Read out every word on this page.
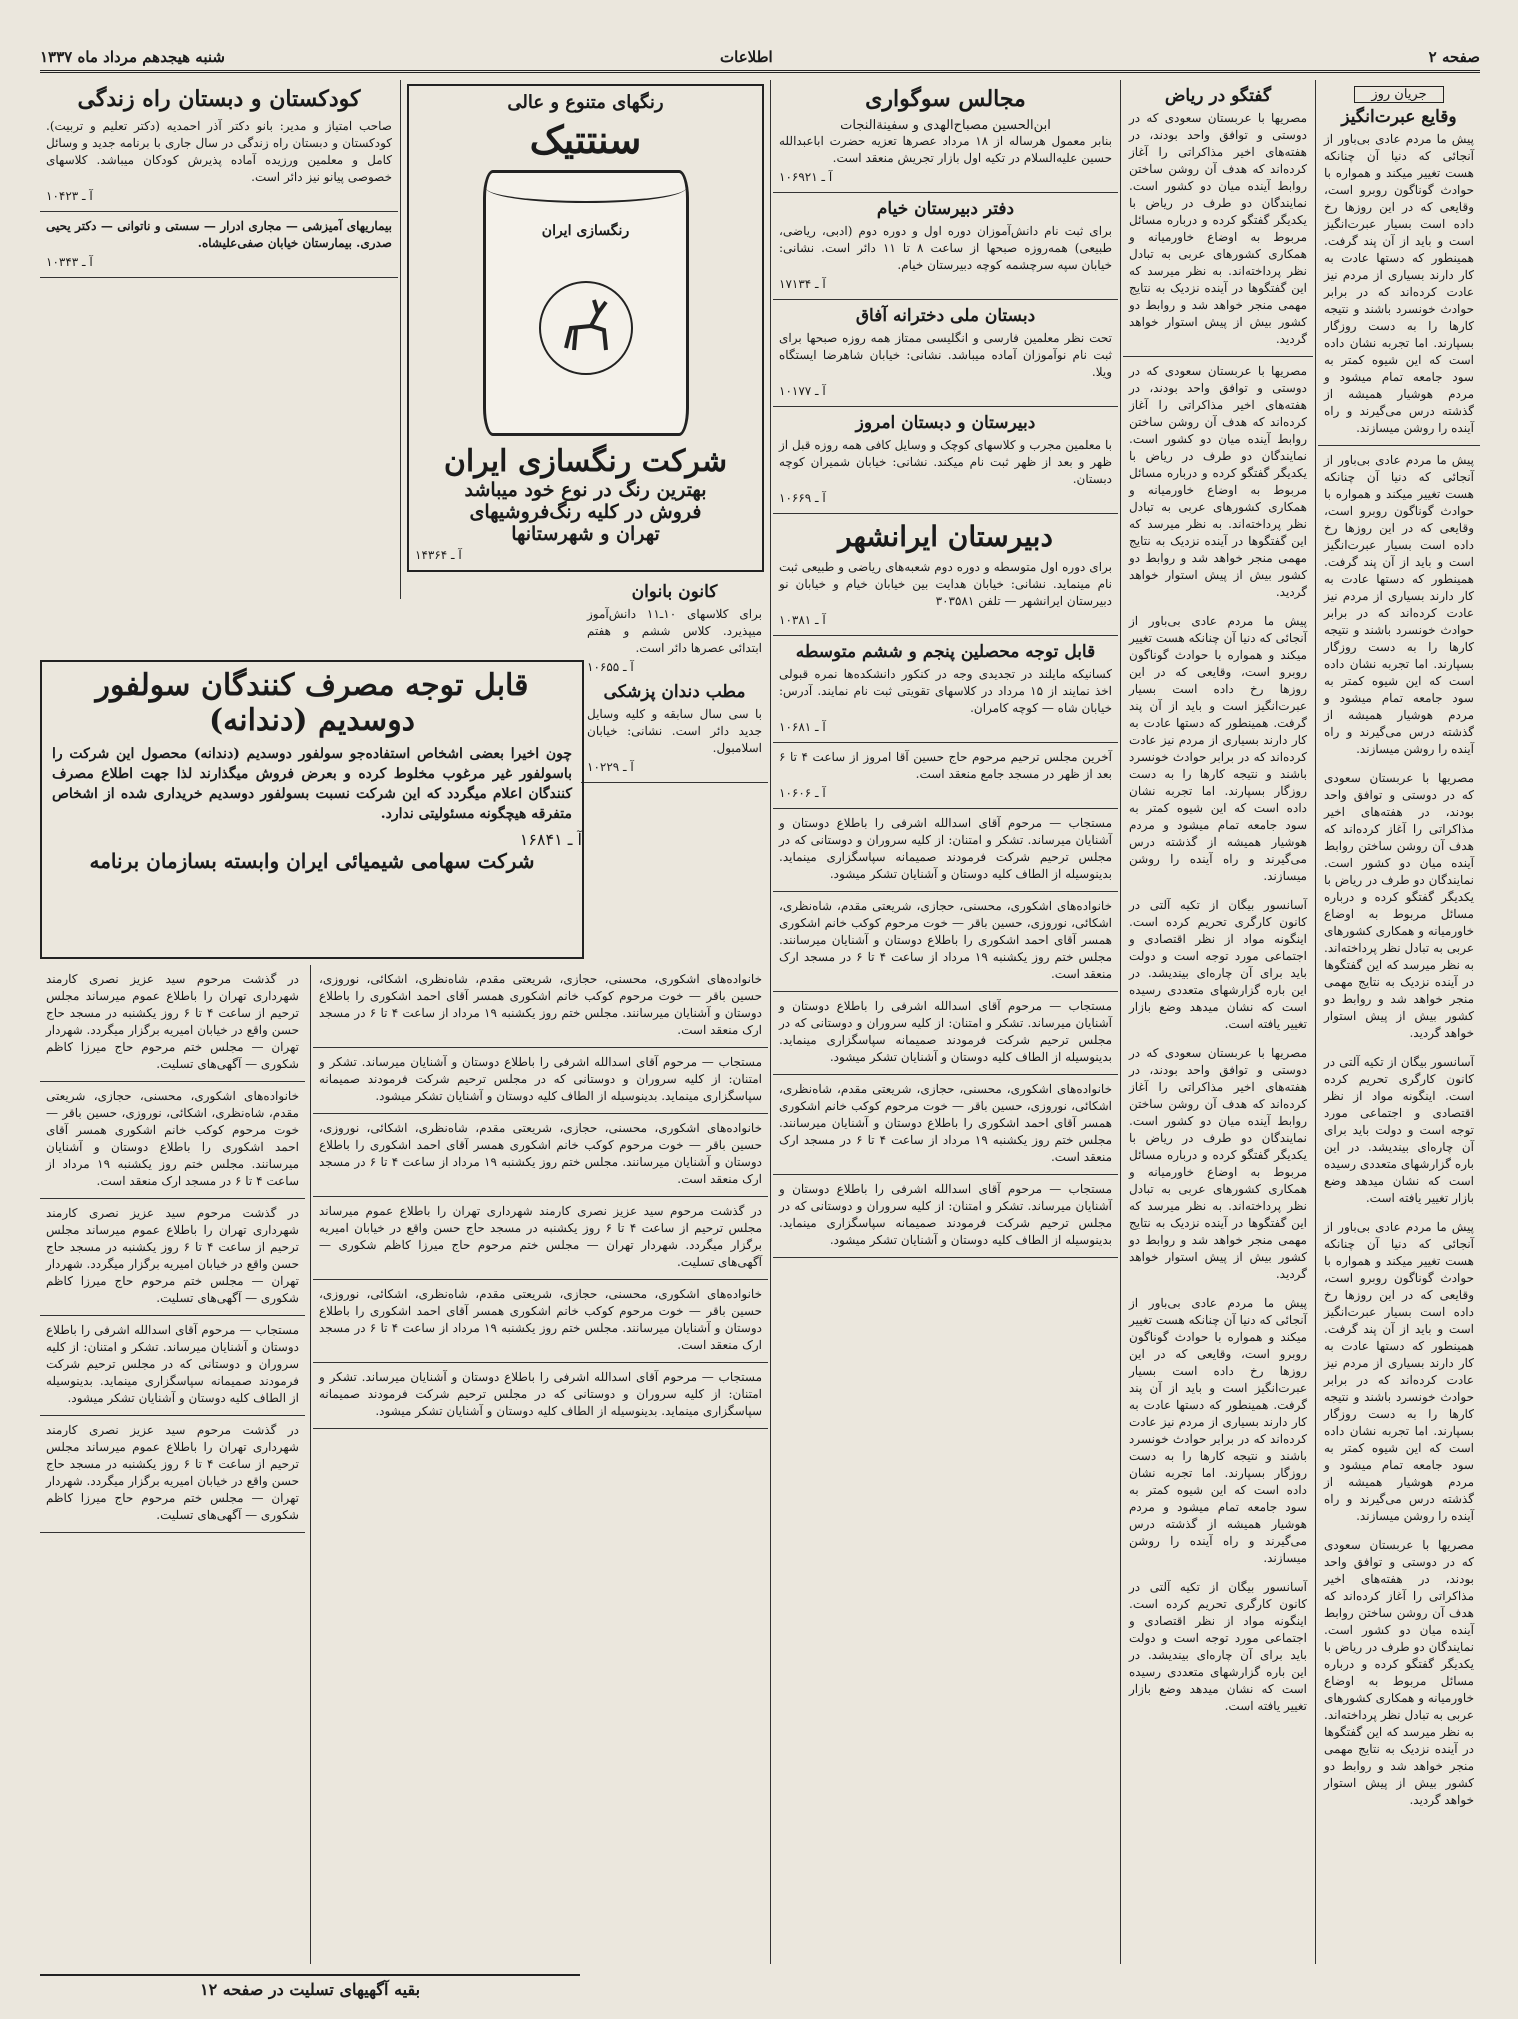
صفحه ۲
اطلاعات
شنبه هیجدهم مرداد ماه ۱۳۳۷
جریان روز
وقایع عبرت‌انگیز

پیش ما مردم عادی بی‌باور از آنجائی که دنیا آن چنانکه هست تغییر میکند و همواره با حوادث گوناگون روبرو است، وقایعی که در این روزها رخ داده است بسیار عبرت‌انگیز است و باید از آن پند گرفت. همینطور که دستها عادت به کار دارند بسیاری از مردم نیز عادت کرده‌اند که در برابر حوادث خونسرد باشند و نتیجه کارها را به دست روزگار بسپارند. اما تجربه نشان داده است که این شیوه کمتر به سود جامعه تمام میشود و مردم هوشیار همیشه از گذشته درس می‌گیرند و راه آینده را روشن میسازند.

پیش ما مردم عادی بی‌باور از آنجائی که دنیا آن چنانکه هست تغییر میکند و همواره با حوادث گوناگون روبرو است، وقایعی که در این روزها رخ داده است بسیار عبرت‌انگیز است و باید از آن پند گرفت. همینطور که دستها عادت به کار دارند بسیاری از مردم نیز عادت کرده‌اند که در برابر حوادث خونسرد باشند و نتیجه کارها را به دست روزگار بسپارند. اما تجربه نشان داده است که این شیوه کمتر به سود جامعه تمام میشود و مردم هوشیار همیشه از گذشته درس می‌گیرند و راه آینده را روشن میسازند.

مصریها با عربستان سعودی که در دوستی و توافق واحد بودند، در هفته‌های اخیر مذاکراتی را آغاز کرده‌اند که هدف آن روشن ساختن روابط آینده میان دو کشور است. نمایندگان دو طرف در ریاض با یکدیگر گفتگو کرده و درباره مسائل مربوط به اوضاع خاورمیانه و همکاری کشورهای عربی به تبادل نظر پرداخته‌اند. به نظر میرسد که این گفتگوها در آینده نزدیک به نتایج مهمی منجر خواهد شد و روابط دو کشور بیش از پیش استوار خواهد گردید.

آسانسور بیگان از تکیه آلتی در کانون کارگری تحریم کرده است. اینگونه مواد از نظر اقتصادی و اجتماعی مورد توجه است و دولت باید برای آن چاره‌ای بیندیشد. در این باره گزارشهای متعددی رسیده است که نشان میدهد وضع بازار تغییر یافته است.

پیش ما مردم عادی بی‌باور از آنجائی که دنیا آن چنانکه هست تغییر میکند و همواره با حوادث گوناگون روبرو است، وقایعی که در این روزها رخ داده است بسیار عبرت‌انگیز است و باید از آن پند گرفت. همینطور که دستها عادت به کار دارند بسیاری از مردم نیز عادت کرده‌اند که در برابر حوادث خونسرد باشند و نتیجه کارها را به دست روزگار بسپارند. اما تجربه نشان داده است که این شیوه کمتر به سود جامعه تمام میشود و مردم هوشیار همیشه از گذشته درس می‌گیرند و راه آینده را روشن میسازند.

مصریها با عربستان سعودی که در دوستی و توافق واحد بودند، در هفته‌های اخیر مذاکراتی را آغاز کرده‌اند که هدف آن روشن ساختن روابط آینده میان دو کشور است. نمایندگان دو طرف در ریاض با یکدیگر گفتگو کرده و درباره مسائل مربوط به اوضاع خاورمیانه و همکاری کشورهای عربی به تبادل نظر پرداخته‌اند. به نظر میرسد که این گفتگوها در آینده نزدیک به نتایج مهمی منجر خواهد شد و روابط دو کشور بیش از پیش استوار خواهد گردید.

گفتگو در ریاض

مصریها با عربستان سعودی که در دوستی و توافق واحد بودند، در هفته‌های اخیر مذاکراتی را آغاز کرده‌اند که هدف آن روشن ساختن روابط آینده میان دو کشور است. نمایندگان دو طرف در ریاض با یکدیگر گفتگو کرده و درباره مسائل مربوط به اوضاع خاورمیانه و همکاری کشورهای عربی به تبادل نظر پرداخته‌اند. به نظر میرسد که این گفتگوها در آینده نزدیک به نتایج مهمی منجر خواهد شد و روابط دو کشور بیش از پیش استوار خواهد گردید.

مصریها با عربستان سعودی که در دوستی و توافق واحد بودند، در هفته‌های اخیر مذاکراتی را آغاز کرده‌اند که هدف آن روشن ساختن روابط آینده میان دو کشور است. نمایندگان دو طرف در ریاض با یکدیگر گفتگو کرده و درباره مسائل مربوط به اوضاع خاورمیانه و همکاری کشورهای عربی به تبادل نظر پرداخته‌اند. به نظر میرسد که این گفتگوها در آینده نزدیک به نتایج مهمی منجر خواهد شد و روابط دو کشور بیش از پیش استوار خواهد گردید.

پیش ما مردم عادی بی‌باور از آنجائی که دنیا آن چنانکه هست تغییر میکند و همواره با حوادث گوناگون روبرو است، وقایعی که در این روزها رخ داده است بسیار عبرت‌انگیز است و باید از آن پند گرفت. همینطور که دستها عادت به کار دارند بسیاری از مردم نیز عادت کرده‌اند که در برابر حوادث خونسرد باشند و نتیجه کارها را به دست روزگار بسپارند. اما تجربه نشان داده است که این شیوه کمتر به سود جامعه تمام میشود و مردم هوشیار همیشه از گذشته درس می‌گیرند و راه آینده را روشن میسازند.

آسانسور بیگان از تکیه آلتی در کانون کارگری تحریم کرده است. اینگونه مواد از نظر اقتصادی و اجتماعی مورد توجه است و دولت باید برای آن چاره‌ای بیندیشد. در این باره گزارشهای متعددی رسیده است که نشان میدهد وضع بازار تغییر یافته است.

مصریها با عربستان سعودی که در دوستی و توافق واحد بودند، در هفته‌های اخیر مذاکراتی را آغاز کرده‌اند که هدف آن روشن ساختن روابط آینده میان دو کشور است. نمایندگان دو طرف در ریاض با یکدیگر گفتگو کرده و درباره مسائل مربوط به اوضاع خاورمیانه و همکاری کشورهای عربی به تبادل نظر پرداخته‌اند. به نظر میرسد که این گفتگوها در آینده نزدیک به نتایج مهمی منجر خواهد شد و روابط دو کشور بیش از پیش استوار خواهد گردید.

پیش ما مردم عادی بی‌باور از آنجائی که دنیا آن چنانکه هست تغییر میکند و همواره با حوادث گوناگون روبرو است، وقایعی که در این روزها رخ داده است بسیار عبرت‌انگیز است و باید از آن پند گرفت. همینطور که دستها عادت به کار دارند بسیاری از مردم نیز عادت کرده‌اند که در برابر حوادث خونسرد باشند و نتیجه کارها را به دست روزگار بسپارند. اما تجربه نشان داده است که این شیوه کمتر به سود جامعه تمام میشود و مردم هوشیار همیشه از گذشته درس می‌گیرند و راه آینده را روشن میسازند.

آسانسور بیگان از تکیه آلتی در کانون کارگری تحریم کرده است. اینگونه مواد از نظر اقتصادی و اجتماعی مورد توجه است و دولت باید برای آن چاره‌ای بیندیشد. در این باره گزارشهای متعددی رسیده است که نشان میدهد وضع بازار تغییر یافته است.

مجالس سوگواری
ابن‌الحسین مصباح‌الهدی و سفینة‌النجات

بنابر معمول هرساله از ۱۸ مرداد عصرها تعزیه حضرت ابا‌عبدالله حسین علیه‌السلام در تکیه اول بازار تجریش منعقد است.

آ ـ ۱۰۶۹۲۱
دفتر دبیرستان خیام

برای ثبت نام دانش‌آموزان دوره اول و دوره دوم (ادبی، ریاضی، طبیعی) همه‌روزه صبحها از ساعت ۸ تا ۱۱ دائر است. نشانی: خیابان سپه سرچشمه کوچه دبیرستان خیام.

آ ـ ۱۷۱۳۴
دبستان ملی دخترانه آفاق

تحت نظر معلمین فارسی و انگلیسی ممتاز همه روزه صبحها برای ثبت نام نوآموزان آماده میباشد. نشانی: خیابان شاهرضا ایستگاه ویلا.

آ ـ ۱۰۱۷۷
دبیرستان و دبستان امروز

با معلمین مجرب و کلاسهای کوچک و وسایل کافی همه روزه قبل از ظهر و بعد از ظهر ثبت نام میکند. نشانی: خیابان شمیران کوچه دبستان.

آ ـ ۱۰۶۶۹
دبیرستان ایرانشهر

برای دوره اول متوسطه و دوره دوم شعبه‌های ریاضی و طبیعی ثبت نام مینماید. نشانی: خیابان هدایت بین خیابان خیام و خیابان نو دبیرستان ایرانشهر — تلفن ۳۰۳۵۸۱

آ ـ ۱۰۳۸۱
قابل توجه محصلین پنجم و ششم متوسطه

کسانیکه مایلند در تجدیدی وجه در کنکور دانشکده‌ها نمره قبولی اخذ نمایند از ۱۵ مرداد در کلاسهای تقویتی ثبت نام نمایند. آدرس: خیابان شاه — کوچه کامران.

آ ـ ۱۰۶۸۱

آخرین مجلس ترحیم مرحوم حاج حسین آقا امروز از ساعت ۴ تا ۶ بعد از ظهر در مسجد جامع منعقد است.

آ ـ ۱۰۶۰۶

مستجاب — مرحوم آقای اسدالله اشرفی را باطلاع دوستان و آشنایان میرساند. تشکر و امتنان: از کلیه سروران و دوستانی که در مجلس ترحیم شرکت فرمودند صمیمانه سپاسگزاری مینماید. بدینوسیله از الطاف کلیه دوستان و آشنایان تشکر میشود.

خانواده‌های اشکوری، محسنی، حجازی، شریعتی مقدم، شاه‌نظری، اشکائی، نوروزی، حسین باقر — خوت مرحوم کوکب خانم اشکوری همسر آقای احمد اشکوری را باطلاع دوستان و آشنایان میرسانند. مجلس ختم روز یکشنبه ۱۹ مرداد از ساعت ۴ تا ۶ در مسجد ارک منعقد است.

مستجاب — مرحوم آقای اسدالله اشرفی را باطلاع دوستان و آشنایان میرساند. تشکر و امتنان: از کلیه سروران و دوستانی که در مجلس ترحیم شرکت فرمودند صمیمانه سپاسگزاری مینماید. بدینوسیله از الطاف کلیه دوستان و آشنایان تشکر میشود.

خانواده‌های اشکوری، محسنی، حجازی، شریعتی مقدم، شاه‌نظری، اشکائی، نوروزی، حسین باقر — خوت مرحوم کوکب خانم اشکوری همسر آقای احمد اشکوری را باطلاع دوستان و آشنایان میرسانند. مجلس ختم روز یکشنبه ۱۹ مرداد از ساعت ۴ تا ۶ در مسجد ارک منعقد است.

مستجاب — مرحوم آقای اسدالله اشرفی را باطلاع دوستان و آشنایان میرساند. تشکر و امتنان: از کلیه سروران و دوستانی که در مجلس ترحیم شرکت فرمودند صمیمانه سپاسگزاری مینماید. بدینوسیله از الطاف کلیه دوستان و آشنایان تشکر میشود.

رنگهای متنوع و عالی
سنتتیک
رنگسازی ایران
شرکت رنگسازی ایران
بهترین رنگ در نوع خود میباشد
فروش در کلیه رنگ‌فروشیهای
تهران و شهرستانها
آ ـ ۱۴۳۶۴
کانون بانوان

برای کلاسهای ۱۰ـ۱۱ دانش‌آموز میپذیرد. کلاس ششم و هفتم ابتدائی عصرها دائر است.

آ ـ ۱۰۶۵۵
مطب دندان پزشکی

با سی سال سابقه و کلیه وسایل جدید دائر است. نشانی: خیابان اسلامبول.

آ ـ ۱۰۲۲۹
کودکستان و دبستان راه زندگی

صاحب امتیاز و مدیر: بانو دکتر آذر احمدیه (دکتر تعلیم و تربیت). کودکستان و دبستان راه زندگی در سال جاری با برنامه جدید و وسائل کامل و معلمین ورزیده آماده پذیرش کودکان میباشد. کلاسهای خصوصی پیانو نیز دائر است.

آ ـ ۱۰۴۲۳

بیماریهای آمیزشی — مجاری ادرار — سستی و ناتوانی — دکتر یحیی صدری. بیمارستان خیابان صفی‌علیشاه.

آ ـ ۱۰۳۴۳
قابل توجه مصرف کنندگان سولفور
دوسدیم (دندانه)

چون اخیرا بعضی اشخاص استفاده‌جو سولفور دوسدیم (دندانه) محصول این شرکت را باسولفور غیر مرغوب مخلوط کرده و بعرض فروش میگذارند لذا جهت اطلاع مصرف کنندگان اعلام میگردد که این شرکت نسبت بسولفور دوسدیم خریداری شده از اشخاص متفرقه هیچگونه مسئولیتی ندارد.

آ ـ ۱۶۸۴۱
شرکت سهامی شیمیائی ایران وابسته بسازمان برنامه

در گذشت مرحوم سید عزیز نصری کارمند شهرداری تهران را باطلاع عموم میرساند مجلس ترحیم از ساعت ۴ تا ۶ روز یکشنبه در مسجد حاج حسن واقع در خیابان امیریه برگزار میگردد. شهردار تهران — مجلس ختم مرحوم حاج میرزا کاظم شکوری — آگهی‌های تسلیت.

خانواده‌های اشکوری، محسنی، حجازی، شریعتی مقدم، شاه‌نظری، اشکائی، نوروزی، حسین باقر — خوت مرحوم کوکب خانم اشکوری همسر آقای احمد اشکوری را باطلاع دوستان و آشنایان میرسانند. مجلس ختم روز یکشنبه ۱۹ مرداد از ساعت ۴ تا ۶ در مسجد ارک منعقد است.

در گذشت مرحوم سید عزیز نصری کارمند شهرداری تهران را باطلاع عموم میرساند مجلس ترحیم از ساعت ۴ تا ۶ روز یکشنبه در مسجد حاج حسن واقع در خیابان امیریه برگزار میگردد. شهردار تهران — مجلس ختم مرحوم حاج میرزا کاظم شکوری — آگهی‌های تسلیت.

مستجاب — مرحوم آقای اسدالله اشرفی را باطلاع دوستان و آشنایان میرساند. تشکر و امتنان: از کلیه سروران و دوستانی که در مجلس ترحیم شرکت فرمودند صمیمانه سپاسگزاری مینماید. بدینوسیله از الطاف کلیه دوستان و آشنایان تشکر میشود.

در گذشت مرحوم سید عزیز نصری کارمند شهرداری تهران را باطلاع عموم میرساند مجلس ترحیم از ساعت ۴ تا ۶ روز یکشنبه در مسجد حاج حسن واقع در خیابان امیریه برگزار میگردد. شهردار تهران — مجلس ختم مرحوم حاج میرزا کاظم شکوری — آگهی‌های تسلیت.

خانواده‌های اشکوری، محسنی، حجازی، شریعتی مقدم، شاه‌نظری، اشکائی، نوروزی، حسین باقر — خوت مرحوم کوکب خانم اشکوری همسر آقای احمد اشکوری را باطلاع دوستان و آشنایان میرسانند. مجلس ختم روز یکشنبه ۱۹ مرداد از ساعت ۴ تا ۶ در مسجد ارک منعقد است.

مستجاب — مرحوم آقای اسدالله اشرفی را باطلاع دوستان و آشنایان میرساند. تشکر و امتنان: از کلیه سروران و دوستانی که در مجلس ترحیم شرکت فرمودند صمیمانه سپاسگزاری مینماید. بدینوسیله از الطاف کلیه دوستان و آشنایان تشکر میشود.

خانواده‌های اشکوری، محسنی، حجازی، شریعتی مقدم، شاه‌نظری، اشکائی، نوروزی، حسین باقر — خوت مرحوم کوکب خانم اشکوری همسر آقای احمد اشکوری را باطلاع دوستان و آشنایان میرسانند. مجلس ختم روز یکشنبه ۱۹ مرداد از ساعت ۴ تا ۶ در مسجد ارک منعقد است.

در گذشت مرحوم سید عزیز نصری کارمند شهرداری تهران را باطلاع عموم میرساند مجلس ترحیم از ساعت ۴ تا ۶ روز یکشنبه در مسجد حاج حسن واقع در خیابان امیریه برگزار میگردد. شهردار تهران — مجلس ختم مرحوم حاج میرزا کاظم شکوری — آگهی‌های تسلیت.

خانواده‌های اشکوری، محسنی، حجازی، شریعتی مقدم، شاه‌نظری، اشکائی، نوروزی، حسین باقر — خوت مرحوم کوکب خانم اشکوری همسر آقای احمد اشکوری را باطلاع دوستان و آشنایان میرسانند. مجلس ختم روز یکشنبه ۱۹ مرداد از ساعت ۴ تا ۶ در مسجد ارک منعقد است.

مستجاب — مرحوم آقای اسدالله اشرفی را باطلاع دوستان و آشنایان میرساند. تشکر و امتنان: از کلیه سروران و دوستانی که در مجلس ترحیم شرکت فرمودند صمیمانه سپاسگزاری مینماید. بدینوسیله از الطاف کلیه دوستان و آشنایان تشکر میشود.

بقیه آگهیهای تسلیت در صفحه ۱۲
